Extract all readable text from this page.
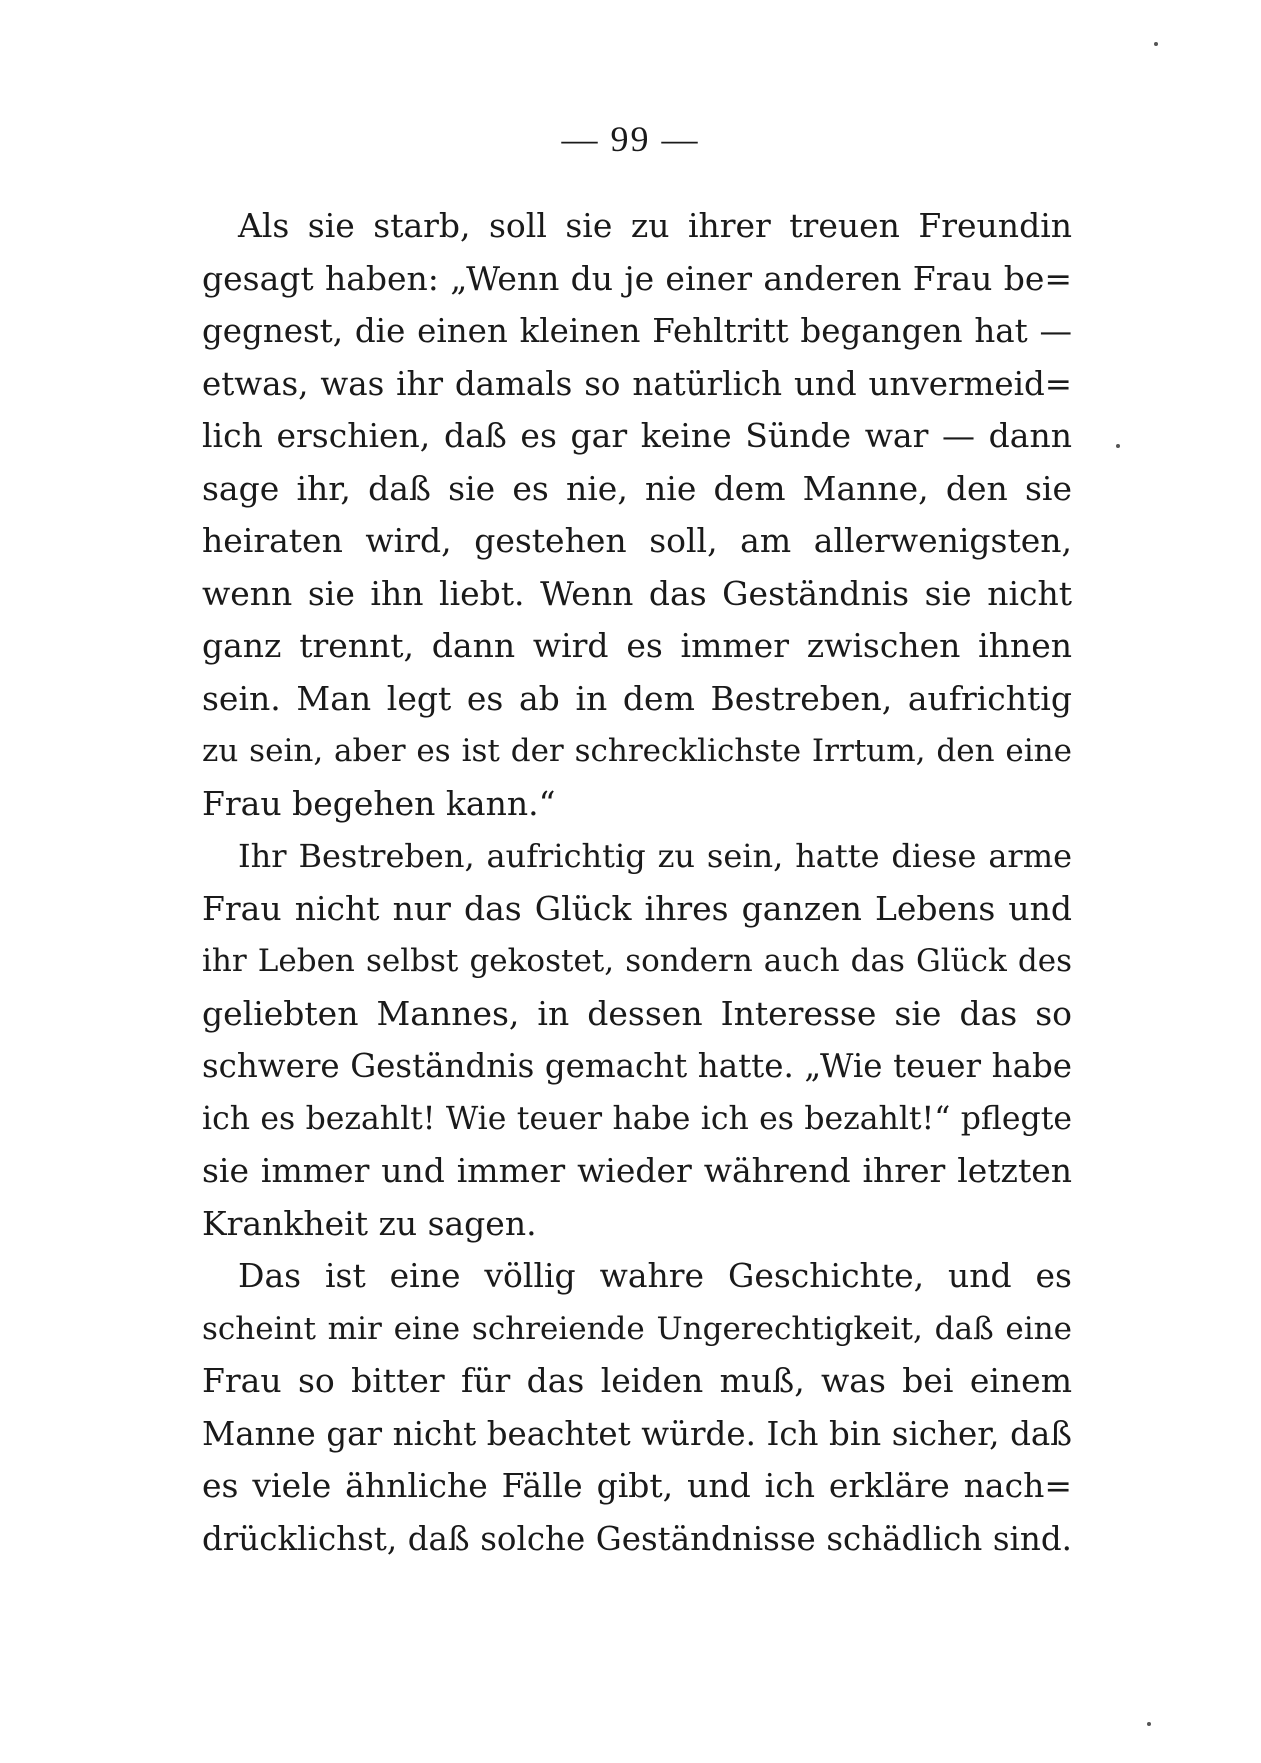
— 99 —
Als sie starb, soll sie zu ihrer treuen Freundin
gesagt haben: „Wenn du je einer anderen Frau be=
gegnest, die einen kleinen Fehltritt begangen hat —
etwas, was ihr damals so natürlich und unvermeid=
lich erschien, daß es gar keine Sünde war — dann
sage ihr, daß sie es nie, nie dem Manne, den sie
heiraten wird, gestehen soll, am allerwenigsten,
wenn sie ihn liebt. Wenn das Geständnis sie nicht
ganz trennt, dann wird es immer zwischen ihnen
sein. Man legt es ab in dem Bestreben, aufrichtig
zu sein, aber es ist der schrecklichste Irrtum, den eine
Frau begehen kann.“
Ihr Bestreben, aufrichtig zu sein, hatte diese arme
Frau nicht nur das Glück ihres ganzen Lebens und
ihr Leben selbst gekostet, sondern auch das Glück des
geliebten Mannes, in dessen Interesse sie das so
schwere Geständnis gemacht hatte. „Wie teuer habe
ich es bezahlt! Wie teuer habe ich es bezahlt!“ pflegte
sie immer und immer wieder während ihrer letzten
Krankheit zu sagen.
Das ist eine völlig wahre Geschichte, und es
scheint mir eine schreiende Ungerechtigkeit, daß eine
Frau so bitter für das leiden muß, was bei einem
Manne gar nicht beachtet würde. Ich bin sicher, daß
es viele ähnliche Fälle gibt, und ich erkläre nach=
drücklichst, daß solche Geständnisse schädlich sind.
